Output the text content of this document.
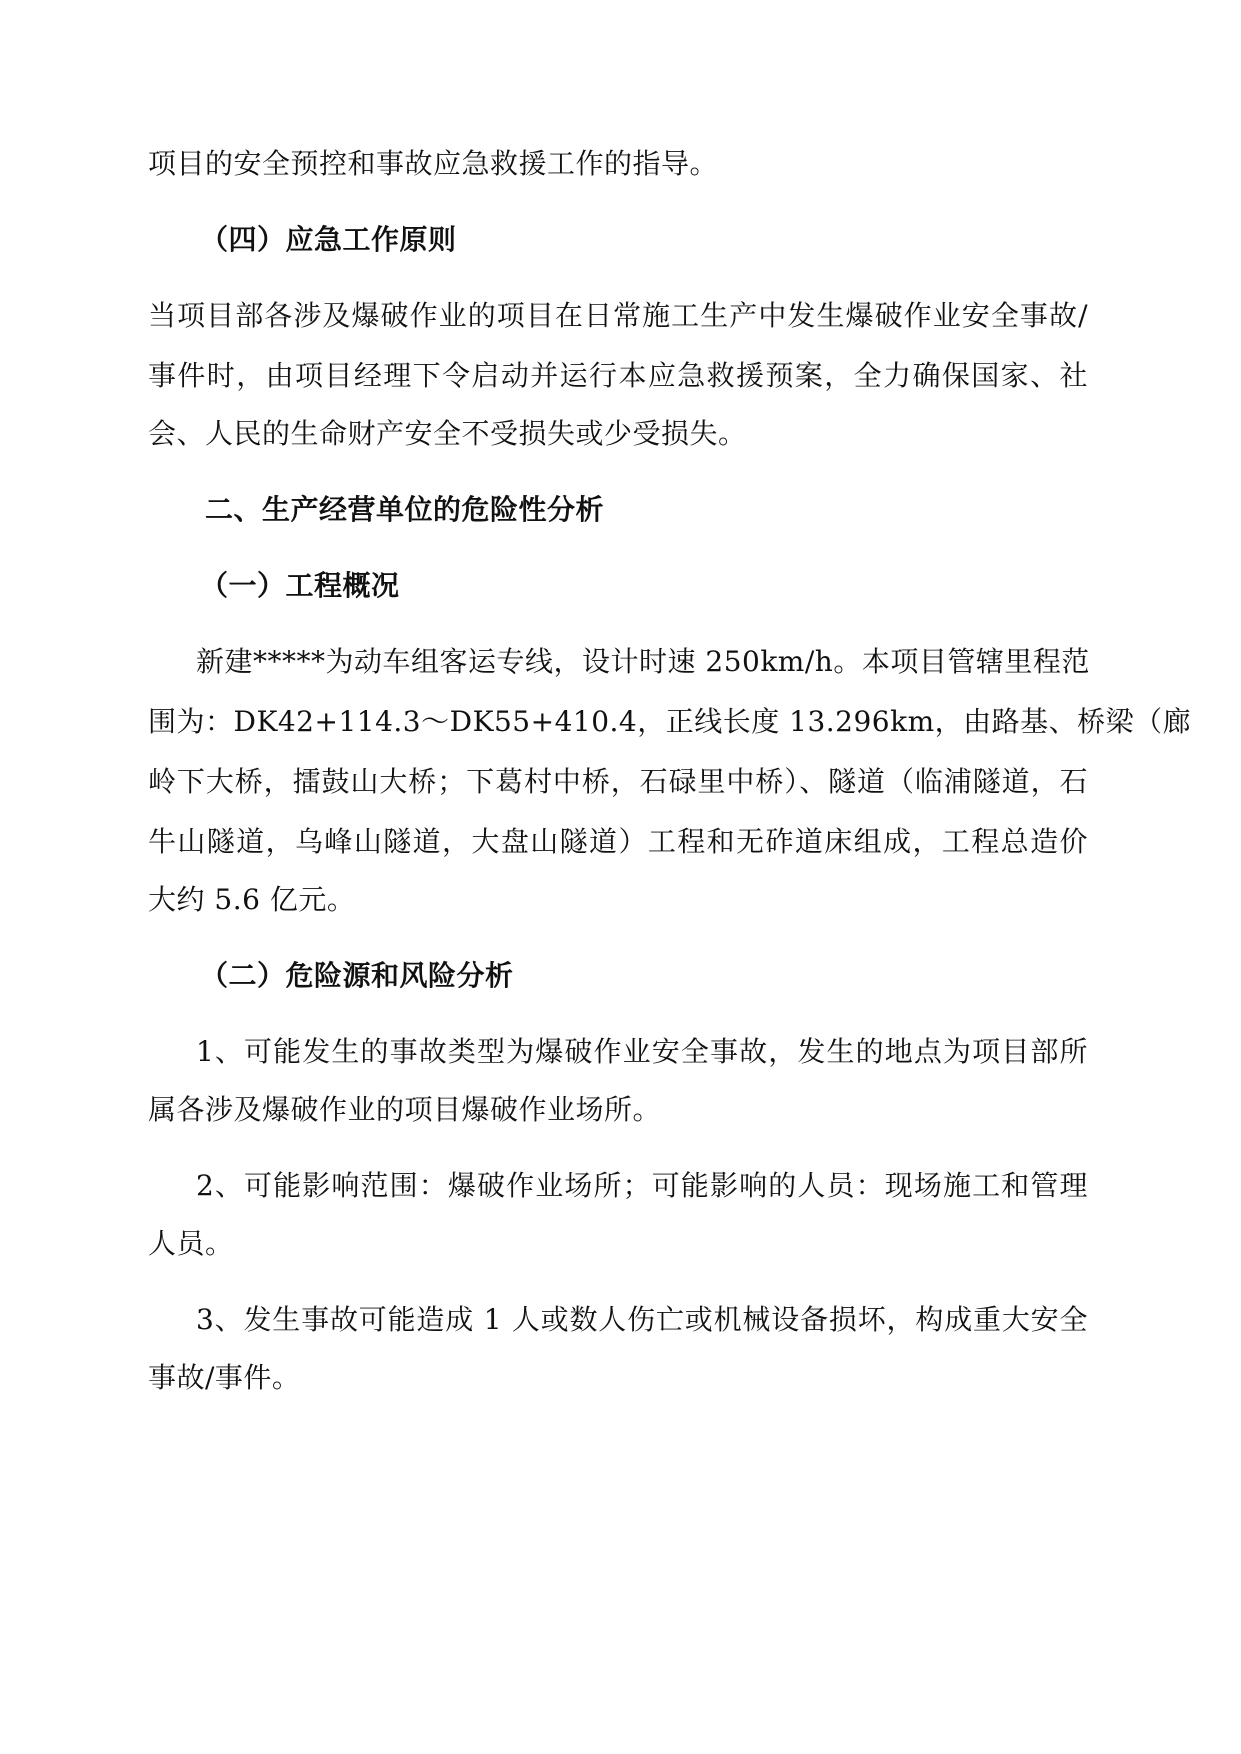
项目的安全预控和事故应急救援工作的指导。
（四）应急工作原则
当项目部各涉及爆破作业的项目在日常施工生产中发生爆破作业安全事故/
事件时，由项目经理下令启动并运行本应急救援预案，全力确保国家、社
会、人民的生命财产安全不受损失或少受损失。
二、生产经营单位的危险性分析
（一）工程概况
新建*****为动车组客运专线，设计时速 250km/h。本项目管辖里程范
围为：DK42+114.3～DK55+410.4，正线长度 13.296km，由路基、桥梁（廊
岭下大桥，擂鼓山大桥；下葛村中桥，石碌里中桥）、隧道（临浦隧道，石
牛山隧道，乌峰山隧道，大盘山隧道）工程和无砟道床组成，工程总造价
大约 5.6 亿元。
（二）危险源和风险分析
1、可能发生的事故类型为爆破作业安全事故，发生的地点为项目部所
属各涉及爆破作业的项目爆破作业场所。
2、可能影响范围：爆破作业场所；可能影响的人员：现场施工和管理
人员。
3、发生事故可能造成 1 人或数人伤亡或机械设备损坏，构成重大安全
事故/事件。
